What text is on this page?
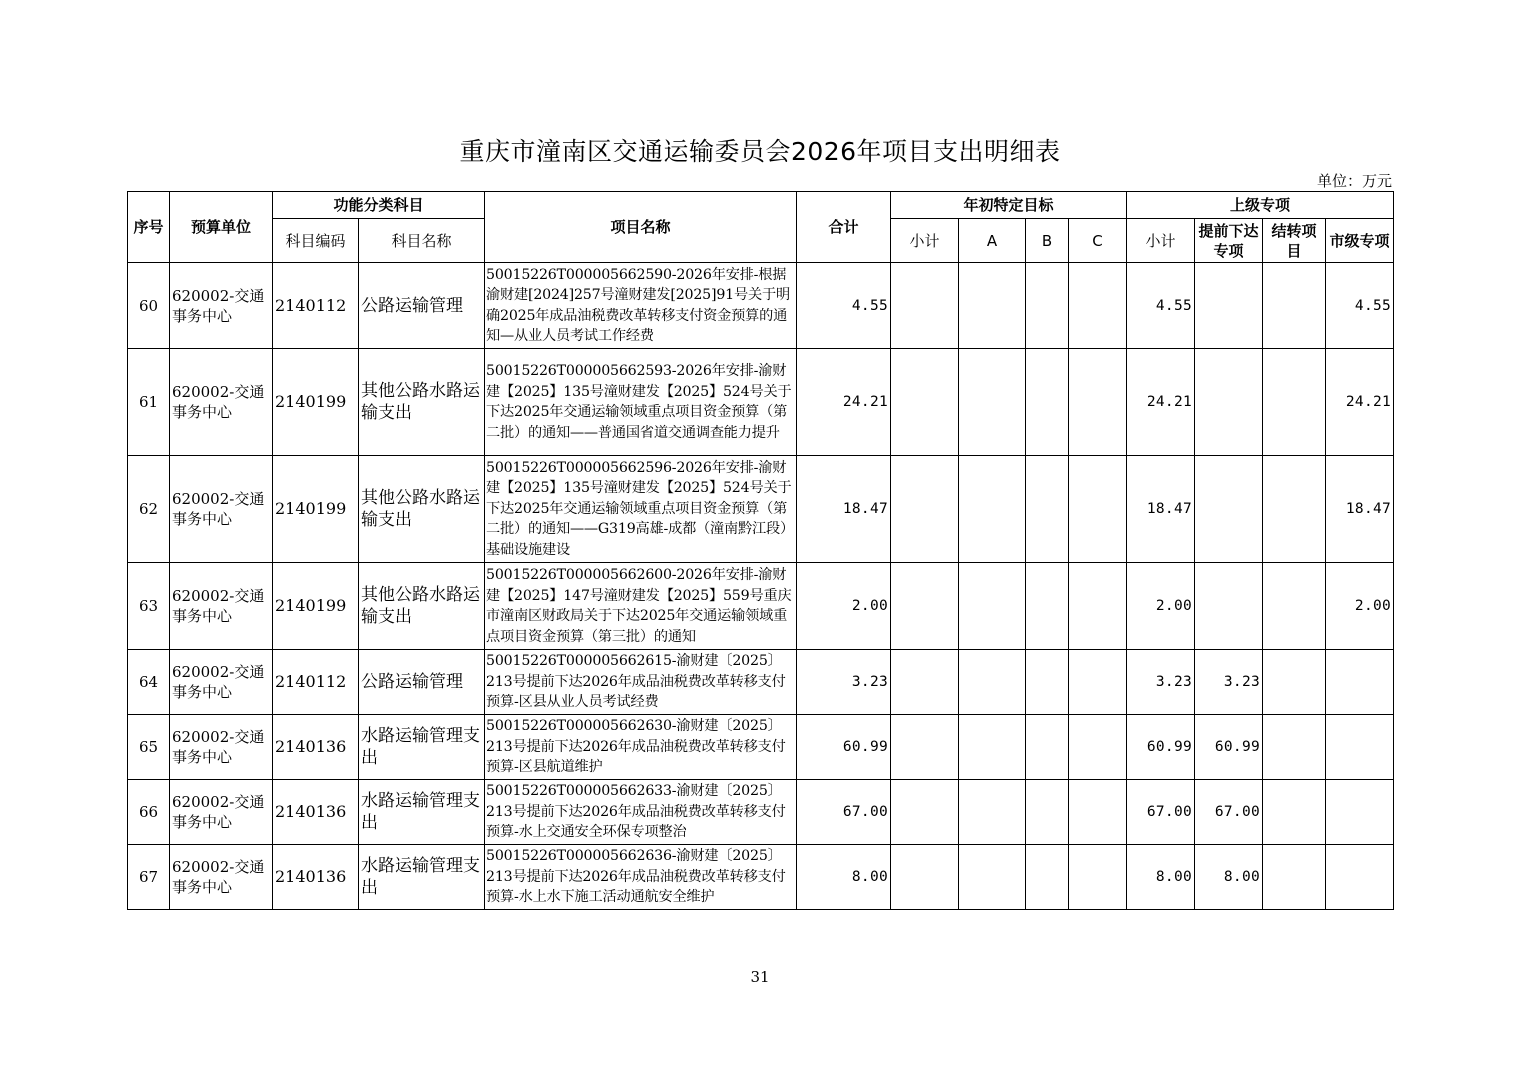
重庆市潼南区交通运输委员会2026年项目支出明细表
单位：万元
序号	预算单位	功能分类科目		项目名称	合计	年初特定目标				上级专项			
		科目编码	科目名称			小计	A	B	C	小计	提前下达专项	结转项目	市级专项
60	620002-交通事务中心	2140112	公路运输管理	50015226T000005662590-2026年安排-根据渝财建[2024]257号潼财建发[2025]91号关于明确2025年成品油税费改革转移支付资金预算的通知—从业人员考试工作经费	4.55					4.55			4.55
61	620002-交通事务中心	2140199	其他公路水路运输支出	50015226T000005662593-2026年安排-渝财建【2025】135号潼财建发【2025】524号关于下达2025年交通运输领域重点项目资金预算（第二批）的通知——普通国省道交通调查能力提升	24.21					24.21			24.21
62	620002-交通事务中心	2140199	其他公路水路运输支出	50015226T000005662596-2026年安排-渝财建【2025】135号潼财建发【2025】524号关于下达2025年交通运输领域重点项目资金预算（第二批）的通知——G319高雄-成都（潼南黔江段）基础设施建设	18.47					18.47			18.47
63	620002-交通事务中心	2140199	其他公路水路运输支出	50015226T000005662600-2026年安排-渝财建【2025】147号潼财建发【2025】559号重庆市潼南区财政局关于下达2025年交通运输领域重点项目资金预算（第三批）的通知	2.00					2.00			2.00
64	620002-交通事务中心	2140112	公路运输管理	50015226T000005662615-渝财建〔2025〕213号提前下达2026年成品油税费改革转移支付预算-区县从业人员考试经费	3.23					3.23	3.23		
65	620002-交通事务中心	2140136	水路运输管理支出	50015226T000005662630-渝财建〔2025〕213号提前下达2026年成品油税费改革转移支付预算-区县航道维护	60.99					60.99	60.99		
66	620002-交通事务中心	2140136	水路运输管理支出	50015226T000005662633-渝财建〔2025〕213号提前下达2026年成品油税费改革转移支付预算-水上交通安全环保专项整治	67.00					67.00	67.00		
67	620002-交通事务中心	2140136	水路运输管理支出	50015226T000005662636-渝财建〔2025〕213号提前下达2026年成品油税费改革转移支付预算-水上水下施工活动通航安全维护	8.00					8.00	8.00		
31
